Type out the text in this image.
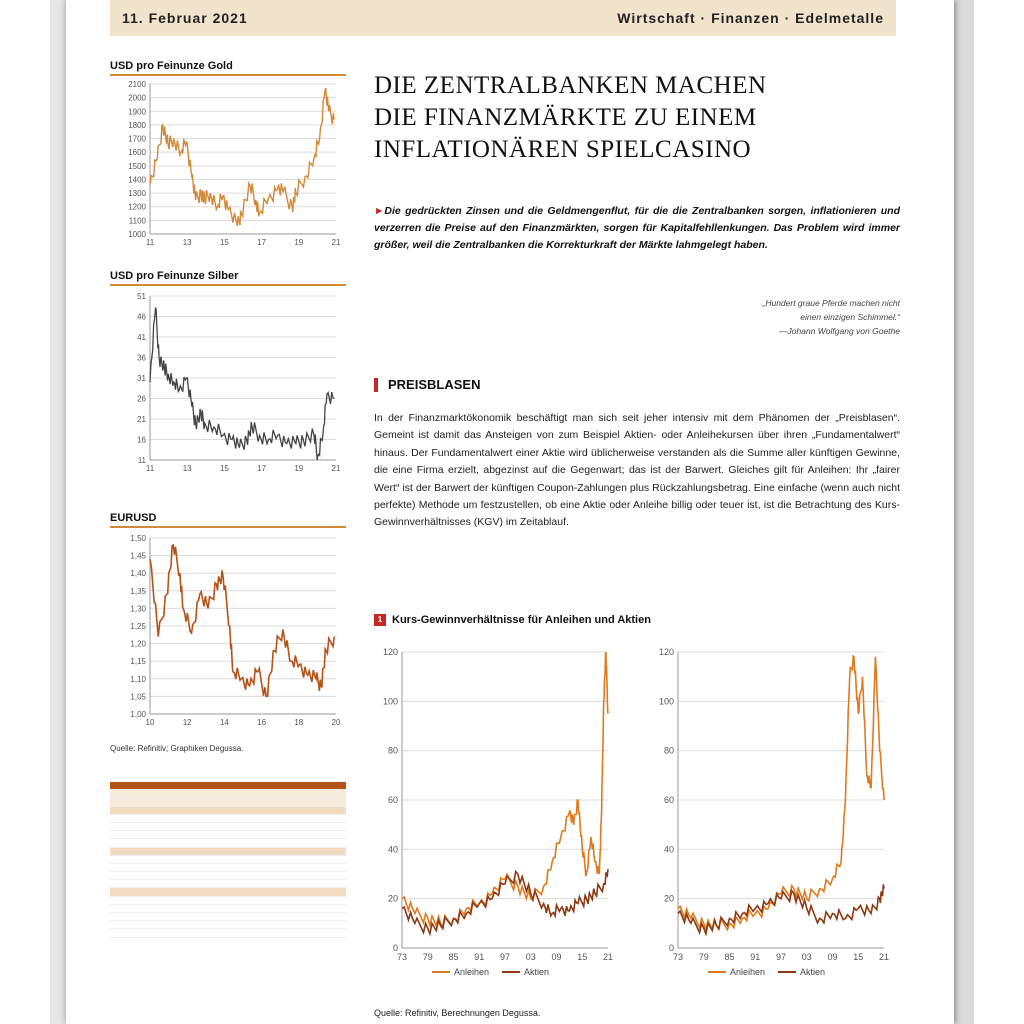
11. Februar 2021	Wirtschaft · Finanzen · Edelmetalle
USD pro Feinunze Gold
2100
2000
1900
1800
1700
1600
1500
1400
1300
1200
1100
1000
11	13	15	17	19	21
USD pro Feinunze Silber
51
46
41
36
31
26
21
16
11
11	13	15	17	19	21
EURUSD
1,50
1,45
1,40
1,35
1,30
1,25
1,20
1,15
1,10
1,05
1,00
10	12	14	16	18	20
Quelle: Refinitiv; Graphiken Degussa.

DIE ZENTRALBANKEN MACHEN
DIE FINANZMÄRKTE ZU EINEM
INFLATIONÄREN SPIELCASINO
►Die gedrückten Zinsen und die Geldmengenflut, für die die Zentralbanken sorgen, inflationieren und verzerren die Preise auf den Finanzmärkten, sorgen für Kapitalfehllenkungen. Das Problem wird immer größer, weil die Zentralbanken die Korrekturkraft der Märkte lahmgelegt haben.
„Hundert graue Pferde machen nicht
einen einzigen Schimmel.“
—Johann Wolfgang von Goethe
PREISBLASEN
In der Finanzmarktökonomik beschäftigt man sich seit jeher intensiv mit dem Phänomen der „Preisblasen“. Gemeint ist damit das Ansteigen von zum Beispiel Aktien- oder Anleihekursen über ihren „Fundamentalwert“ hinaus. Der Fundamentalwert einer Aktie wird üblicherweise verstanden als die Summe aller künftigen Gewinne, die eine Firma erzielt, abgezinst auf die Gegenwart; das ist der Barwert. Gleiches gilt für Anleihen: Ihr „fairer Wert“ ist der Barwert der künftigen Coupon-Zahlungen plus Rückzahlungsbetrag. Eine einfache (wenn auch nicht perfekte) Methode um festzustellen, ob eine Aktie oder Anleihe billig oder teuer ist, ist die Betrachtung des Kurs-Gewinnverhältnisses (KGV) im Zeitablauf.
1 Kurs-Gewinnverhältnisse für Anleihen und Aktien
120
100
80
60
40
20
0
73 79 85 91 97 03 09 15 21
Anleihen	Aktien
120
100
80
60
40
20
0
73 79 85 91 97 03 09 15 21
Anleihen	Aktien
Quelle: Refinitiv, Berechnungen Degussa.
